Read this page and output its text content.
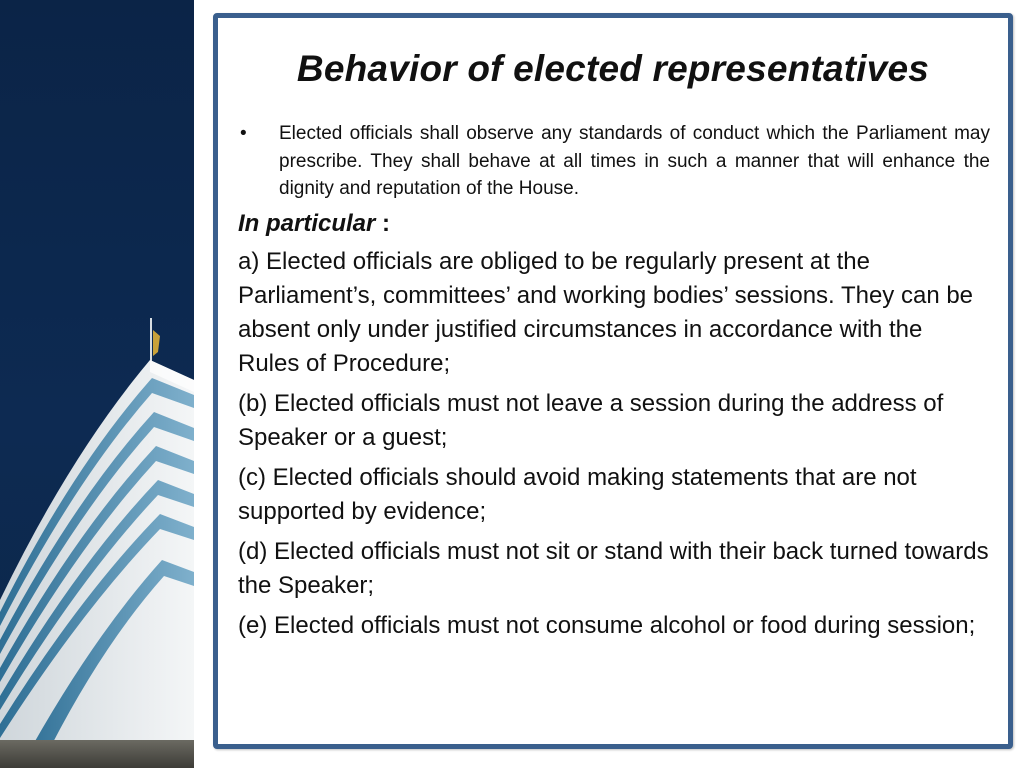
Behavior of elected representatives
•	Elected officials shall observe any standards of conduct which the Parliament may prescribe. They shall behave at all times in such a manner that will enhance the dignity and reputation of the House.

In particular :

a) Elected officials are obliged to be regularly present at the Parliament’s, committees’ and working bodies’ sessions. They can be absent only under justified circumstances in accordance with the Rules of Procedure;

(b) Elected officials must not leave a session during the address of Speaker or a guest;

(c) Elected officials should avoid making statements that are not supported by evidence;

(d) Elected officials must not sit or stand with their back turned towards the Speaker;

(e) Elected officials must not consume alcohol or food during session;
